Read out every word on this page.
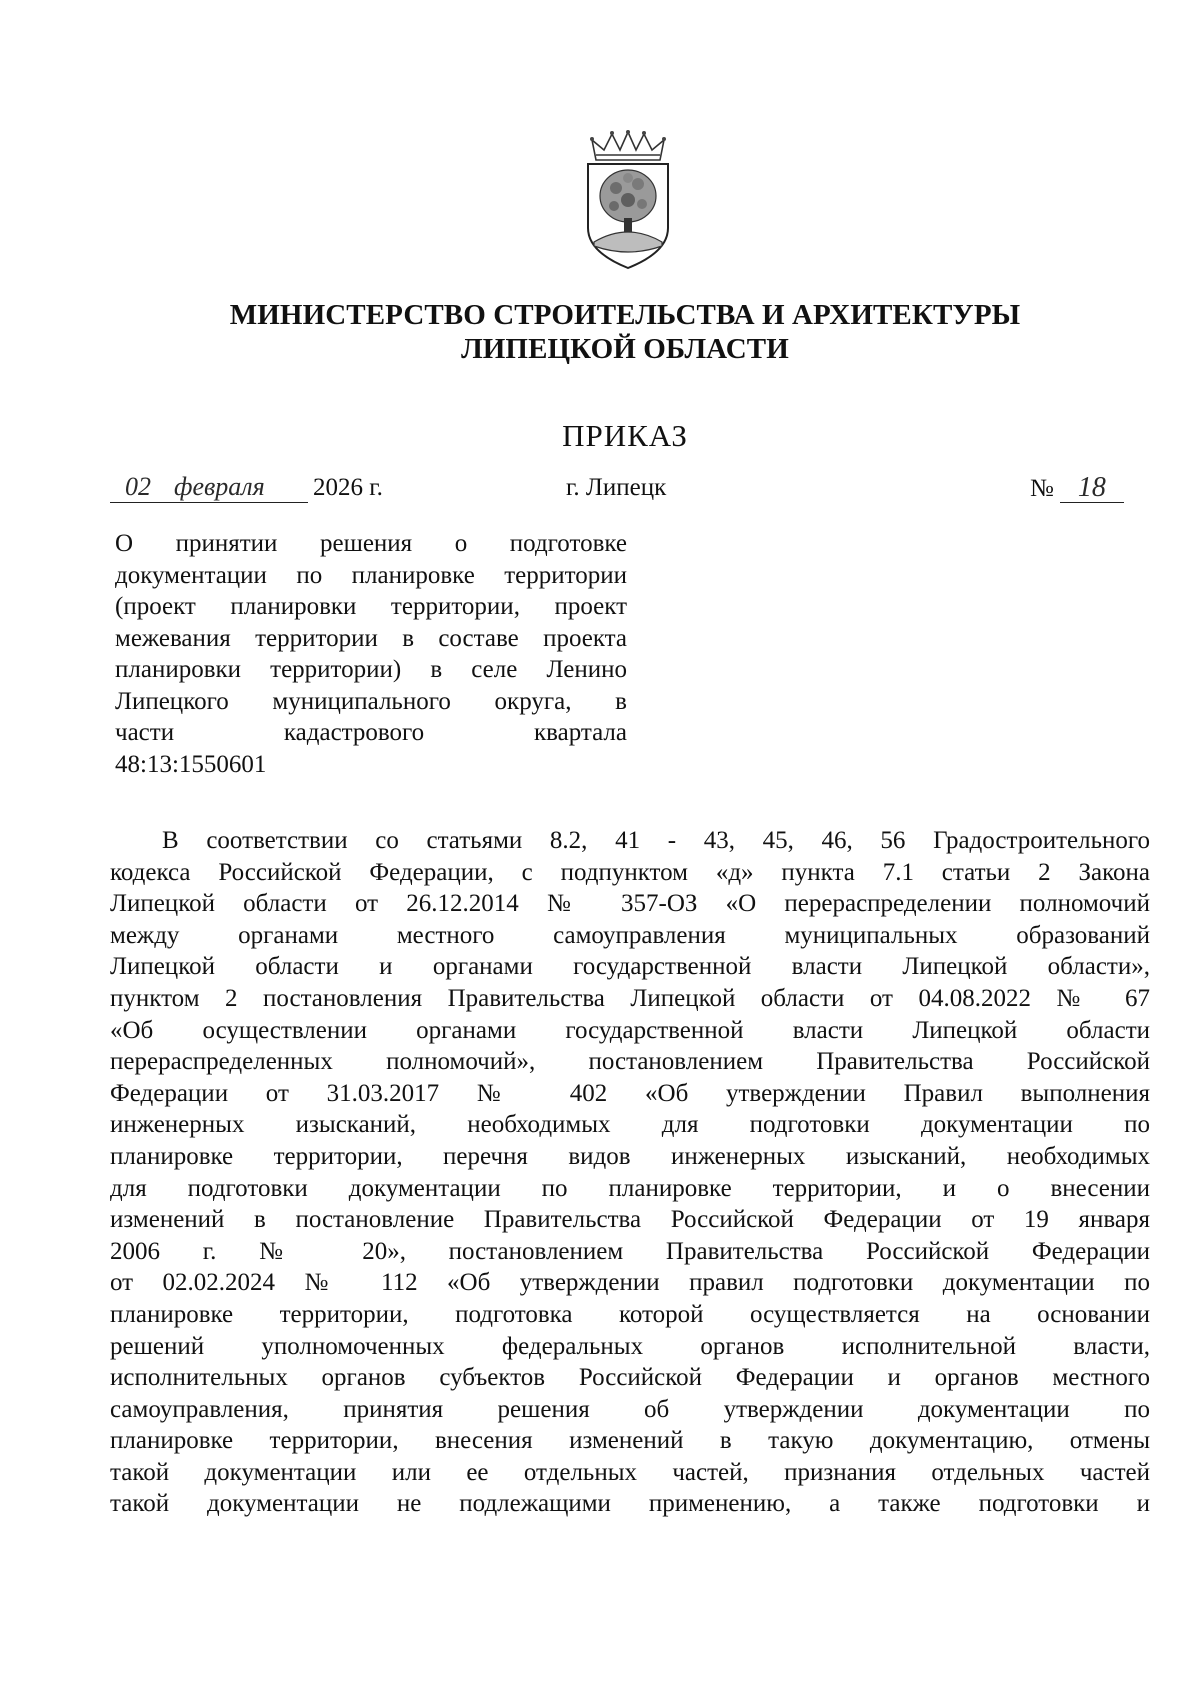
МИНИСТЕРСТВО СТРОИТЕЛЬСТВА И АРХИТЕКТУРЫ
ЛИПЕЦКОЙ ОБЛАСТИ
ПРИКАЗ
02 февраля	2026 г.	г. Липецк	№ 18
О принятии решения о подготовке
документации по планировке территории
(проект планировки территории, проект
межевания территории в составе проекта
планировки территории) в селе Ленино
Липецкого муниципального округа, в
части кадастрового квартала
48:13:1550601
В соответствии со статьями 8.2, 41 - 43, 45, 46, 56 Градостроительного
кодекса Российской Федерации, с подпунктом «д» пункта 7.1 статьи 2 Закона
Липецкой области от 26.12.2014 № 357-ОЗ «О перераспределении полномочий
между органами местного самоуправления муниципальных образований
Липецкой области и органами государственной власти Липецкой области»,
пунктом 2 постановления Правительства Липецкой области от 04.08.2022 № 67
«Об осуществлении органами государственной власти Липецкой области
перераспределенных полномочий», постановлением Правительства Российской
Федерации от 31.03.2017 № 402 «Об утверждении Правил выполнения
инженерных изысканий, необходимых для подготовки документации по
планировке территории, перечня видов инженерных изысканий, необходимых
для подготовки документации по планировке территории, и о внесении
изменений в постановление Правительства Российской Федерации от 19 января
2006 г. № 20», постановлением Правительства Российской Федерации
от 02.02.2024 № 112 «Об утверждении правил подготовки документации по
планировке территории, подготовка которой осуществляется на основании
решений уполномоченных федеральных органов исполнительной власти,
исполнительных органов субъектов Российской Федерации и органов местного
самоуправления, принятия решения об утверждении документации по
планировке территории, внесения изменений в такую документацию, отмены
такой документации или ее отдельных частей, признания отдельных частей
такой документации не подлежащими применению, а также подготовки и
